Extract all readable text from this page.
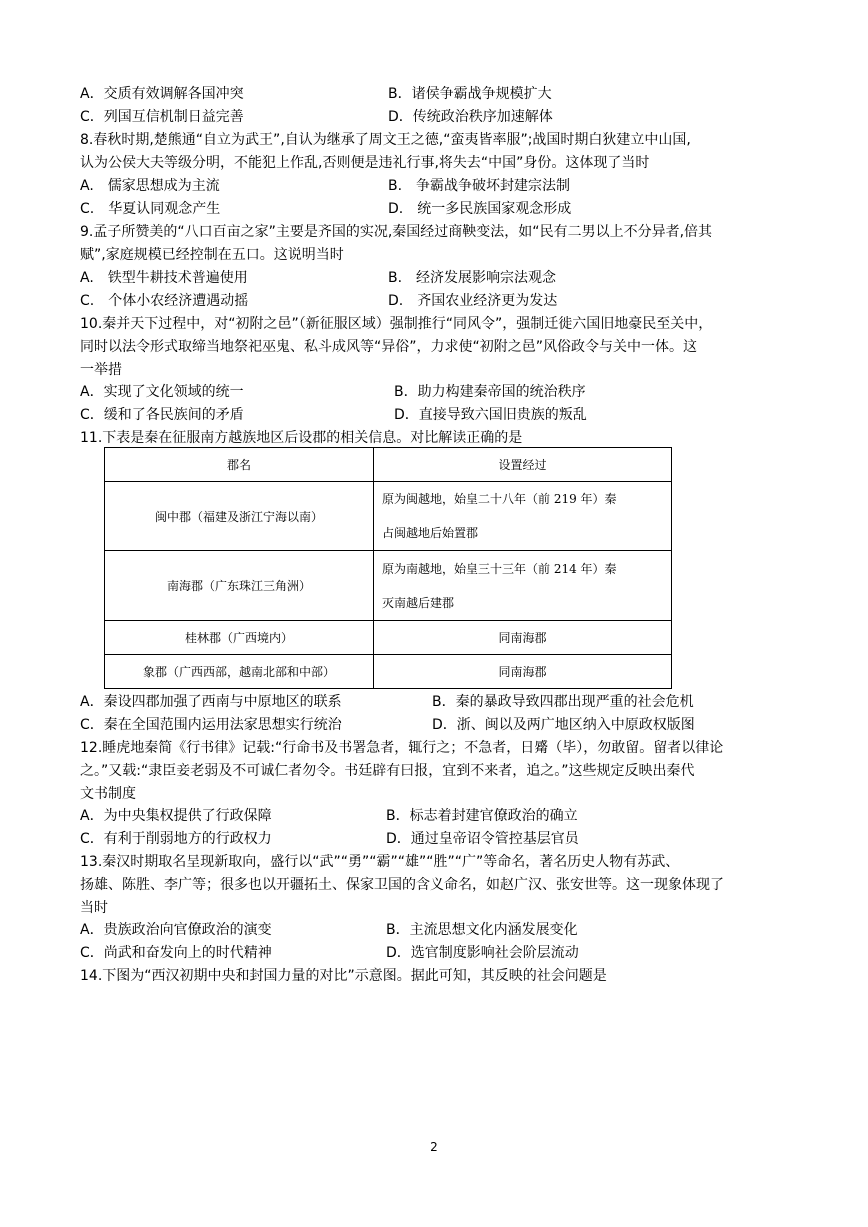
A．交质有效调解各国冲突	B．诸侯争霸战争规模扩大
C．列国互信机制日益完善	D．传统政治秩序加速解体
8.春秋时期,楚熊通“自立为武王”,自认为继承了周文王之德,“蛮夷皆率服”;战国时期白狄建立中山国,
认为公侯大夫等级分明，不能犯上作乱,否则便是违礼行事,将失去“中国”身份。这体现了当时
A.　儒家思想成为主流	B.　争霸战争破坏封建宗法制
C.　华夏认同观念产生	D.　统一多民族国家观念形成
9.孟子所赞美的“八口百亩之家”主要是齐国的实况,秦国经过商鞅变法，如“民有二男以上不分异者,倍其
赋”,家庭规模已经控制在五口。这说明当时
A.　铁型牛耕技术普遍使用	B.　经济发展影响宗法观念
C.　个体小农经济遭遇动摇	D.　齐国农业经济更为发达
10.秦并天下过程中，对“初附之邑”（新征服区域）强制推行“同风令”，强制迁徙六国旧地豪民至关中，
同时以法令形式取缔当地祭祀巫鬼、私斗成风等“异俗”，力求使“初附之邑”风俗政令与关中一体。这
一举措
A．实现了文化领域的统一	B．助力构建秦帝国的统治秩序
C．缓和了各民族间的矛盾	D．直接导致六国旧贵族的叛乱
11.下表是秦在征服南方越族地区后设郡的相关信息。对比解读正确的是
郡名	设置经过
闽中郡（福建及浙江宁海以南）	原为闽越地，始皇二十八年（前 219 年）秦
占闽越地后始置郡

南海郡（广东珠江三角洲）	原为南越地，始皇三十三年（前 214 年）秦
灭南越后建郡

桂林郡（广西境内）	同南海郡
象郡（广西西部，越南北部和中部）	同南海郡
A．秦设四郡加强了西南与中原地区的联系	B．秦的暴政导致四郡出现严重的社会危机
C．秦在全国范围内运用法家思想实行统治	D．浙、闽以及两广地区纳入中原政权版图
12.睡虎地秦简《行书律》记载:“行命书及书署急者，辄行之；不急者，日觱（毕），勿敢留。留者以律论
之。”又载:“隶臣妾老弱及不可诚仁者勿令。书廷辟有曰报，宜到不来者，追之。”这些规定反映出秦代
文书制度
A．为中央集权提供了行政保障	B．标志着封建官僚政治的确立
C．有利于削弱地方的行政权力	D．通过皇帝诏令管控基层官员
13.秦汉时期取名呈现新取向，盛行以“武”“勇”“霸”“雄”“胜”“广”等命名，著名历史人物有苏武、
扬雄、陈胜、李广等；很多也以开疆拓土、保家卫国的含义命名，如赵广汉、张安世等。这一现象体现了
当时
A．贵族政治向官僚政治的演变	B．主流思想文化内涵发展变化
C．尚武和奋发向上的时代精神	D．选官制度影响社会阶层流动
14.下图为“西汉初期中央和封国力量的对比”示意图。据此可知，其反映的社会问题是
2
